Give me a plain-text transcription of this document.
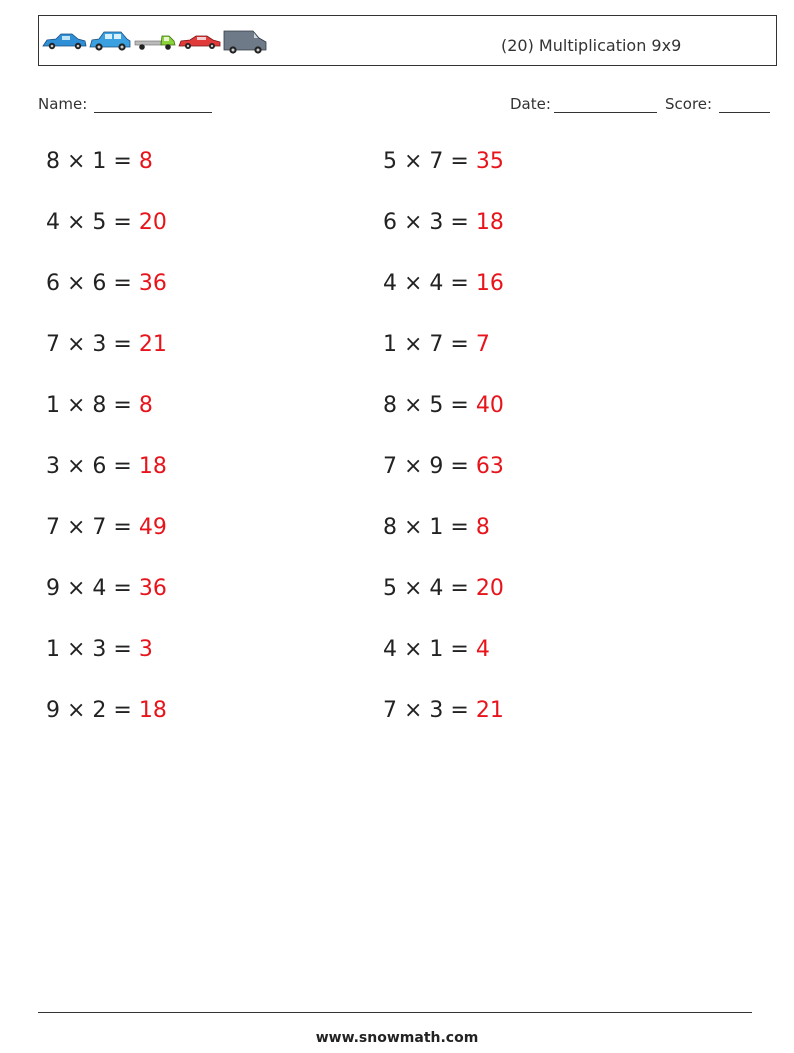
(20) Multiplication 9x9
Name:	Date:	Score:
8 × 1 = 8
4 × 5 = 20
6 × 6 = 36
7 × 3 = 21
1 × 8 = 8
3 × 6 = 18
7 × 7 = 49
9 × 4 = 36
1 × 3 = 3
9 × 2 = 18
5 × 7 = 35
6 × 3 = 18
4 × 4 = 16
1 × 7 = 7
8 × 5 = 40
7 × 9 = 63
8 × 1 = 8
5 × 4 = 20
4 × 1 = 4
7 × 3 = 21
www.snowmath.com
